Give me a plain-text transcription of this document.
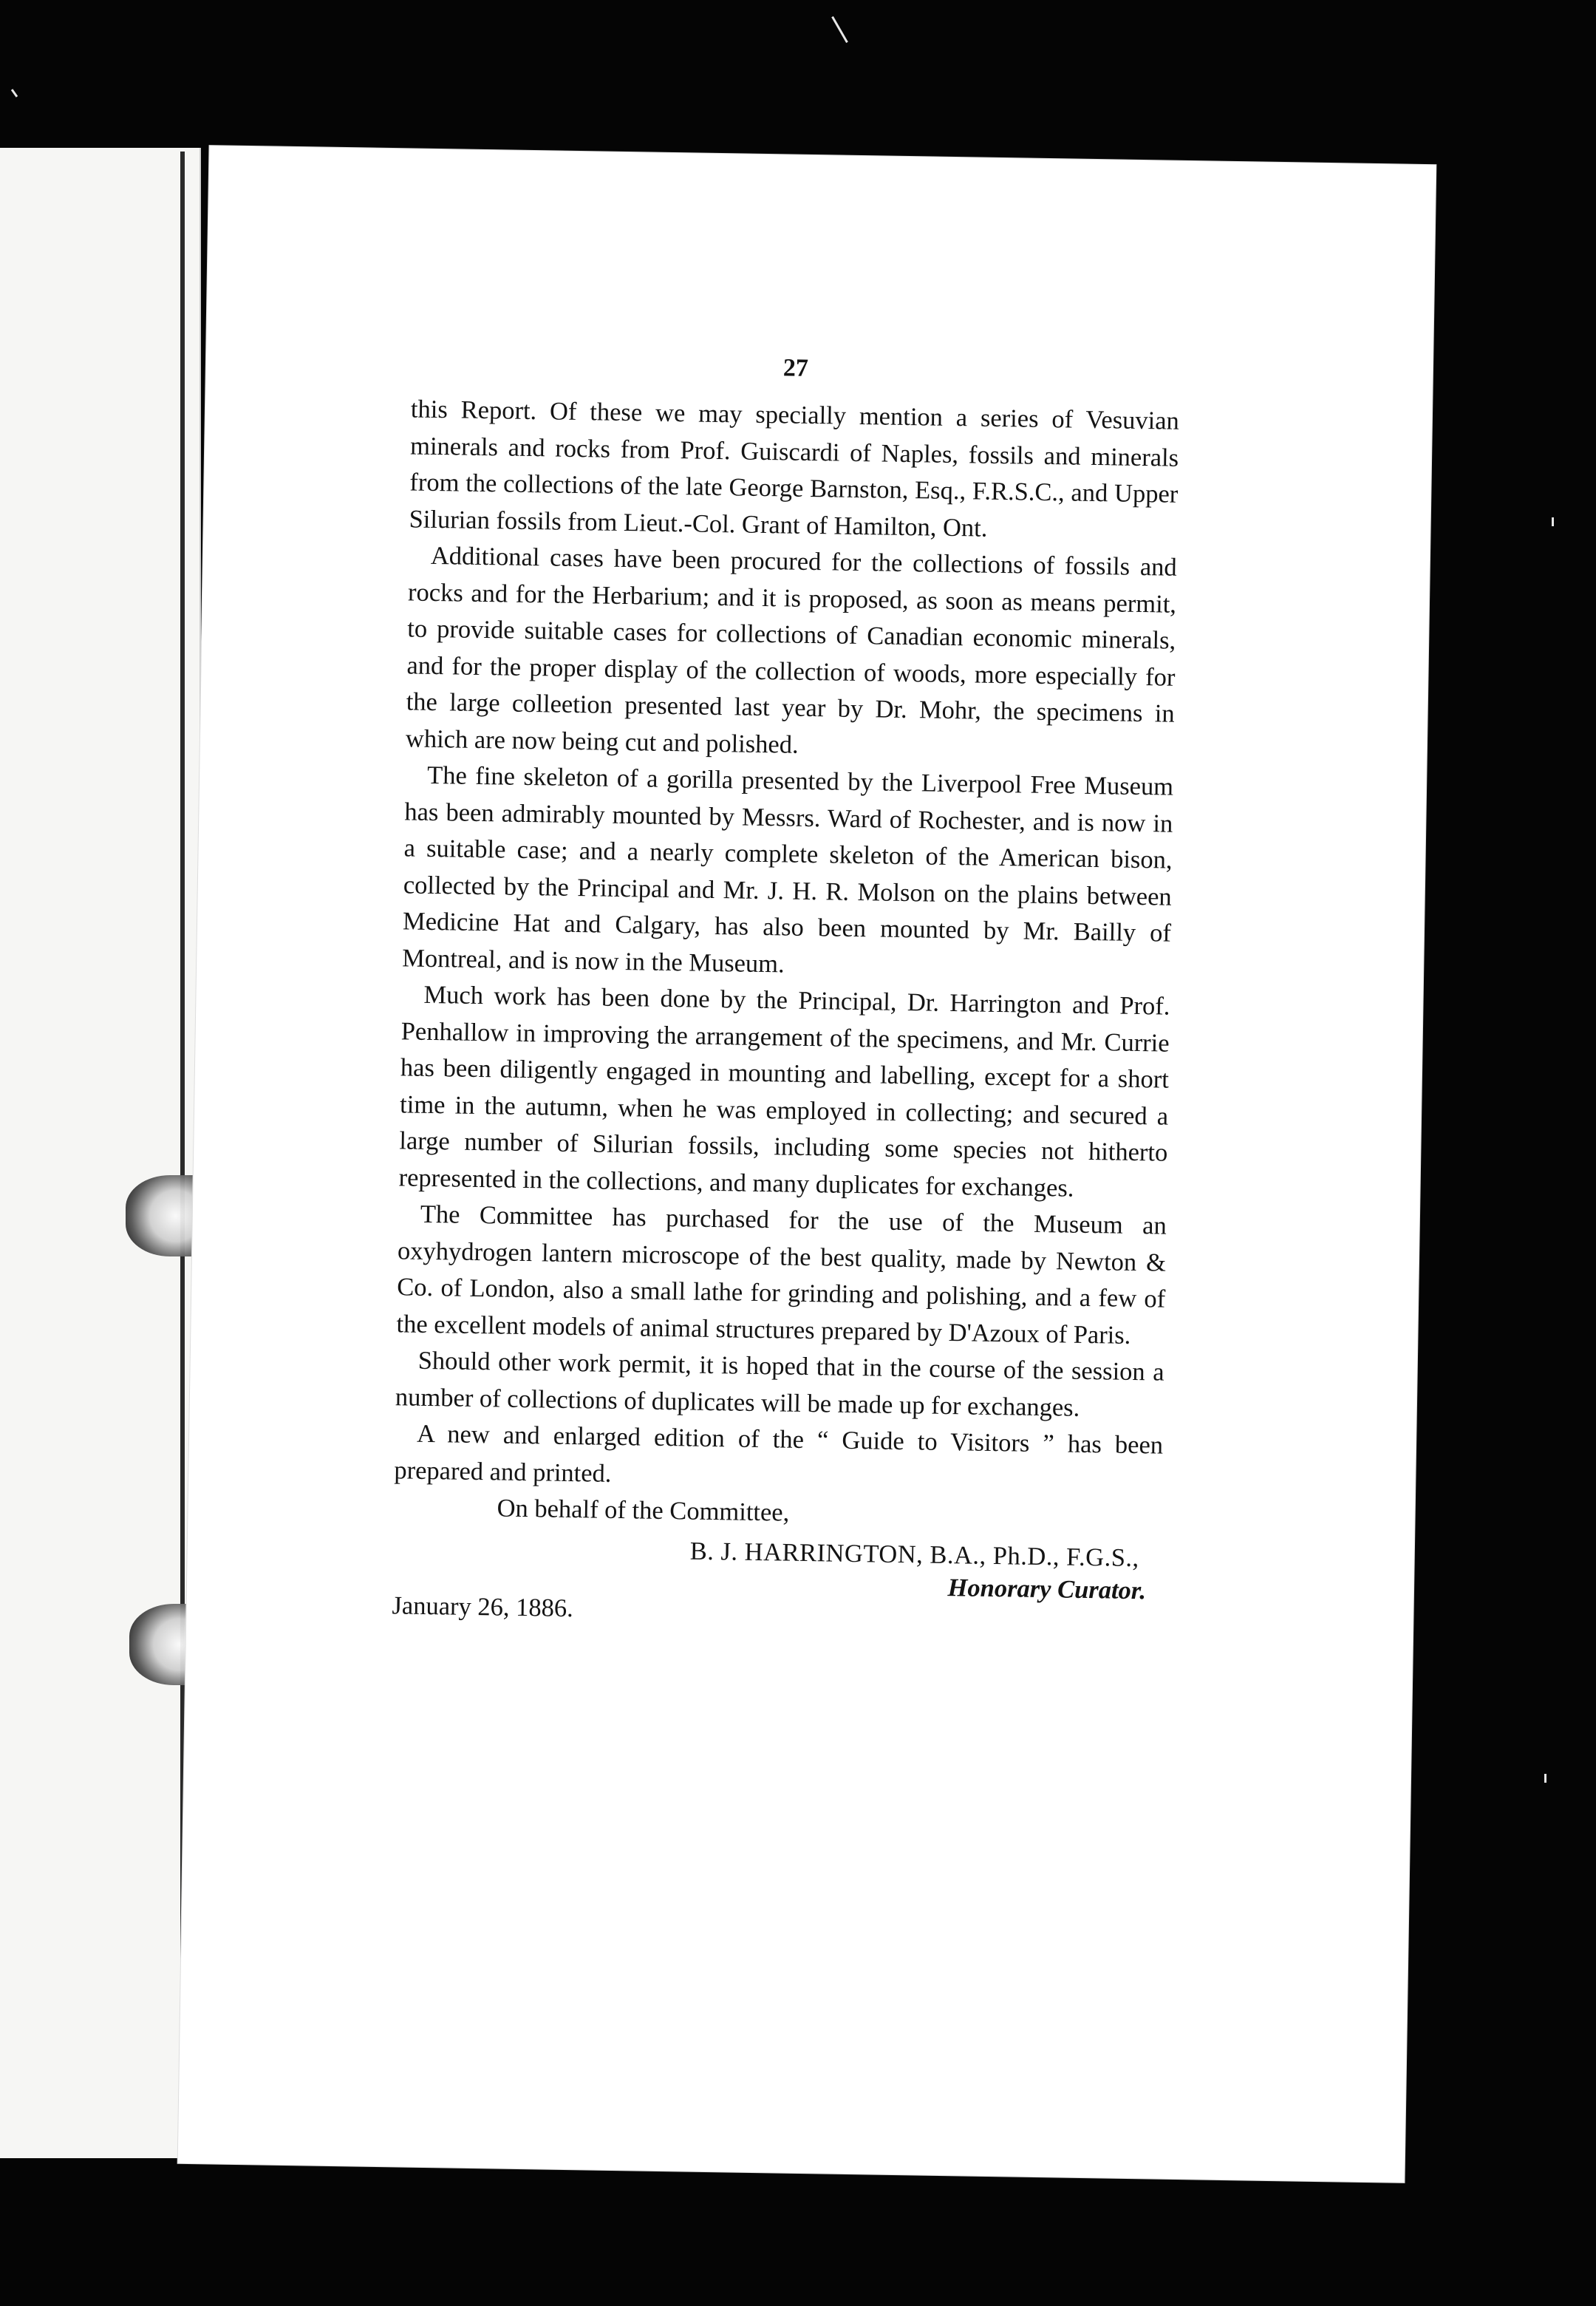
27

this Report. Of these we may specially mention a series of Vesuvian minerals and rocks from Prof. Guiscardi of Naples, fossils and minerals from the collections of the late George Barnston, Esq., F.R.S.C., and Upper Silurian fossils from Lieut.-Col. Grant of Hamilton, Ont.

Additional cases have been procured for the collections of fossils and rocks and for the Herbarium; and it is proposed, as soon as means permit, to provide suitable cases for collections of Canadian economic minerals, and for the proper display of the collection of woods, more especially for the large colleetion presented last year by Dr. Mohr, the specimens in which are now being cut and polished.

The fine skeleton of a gorilla presented by the Liverpool Free Museum has been admirably mounted by Messrs. Ward of Rochester, and is now in a suitable case; and a nearly complete skeleton of the American bison, collected by the Principal and Mr. J. H. R. Molson on the plains between Medicine Hat and Calgary, has also been mounted by Mr. Bailly of Montreal, and is now in the Museum.

Much work has been done by the Principal, Dr. Harrington and Prof. Penhallow in improving the arrangement of the specimens, and Mr. Currie has been diligently engaged in mounting and labelling, except for a short time in the autumn, when he was employed in collecting; and secured a large number of Silurian fossils, including some species not hitherto represented in the collections, and many duplicates for exchanges.

The Committee has purchased for the use of the Museum an oxyhydrogen lantern microscope of the best quality, made by Newton & Co. of London, also a small lathe for grinding and polishing, and a few of the excellent models of animal structures prepared by D'Azoux of Paris.

Should other work permit, it is hoped that in the course of the session a number of collections of duplicates will be made up for exchanges.

A new and enlarged edition of the “ Guide to Visitors ” has been prepared and printed.

On behalf of the Committee,

B. J. HARRINGTON, B.A., Ph.D., F.G.S.,

Honorary Curator.
January 26, 1886.
